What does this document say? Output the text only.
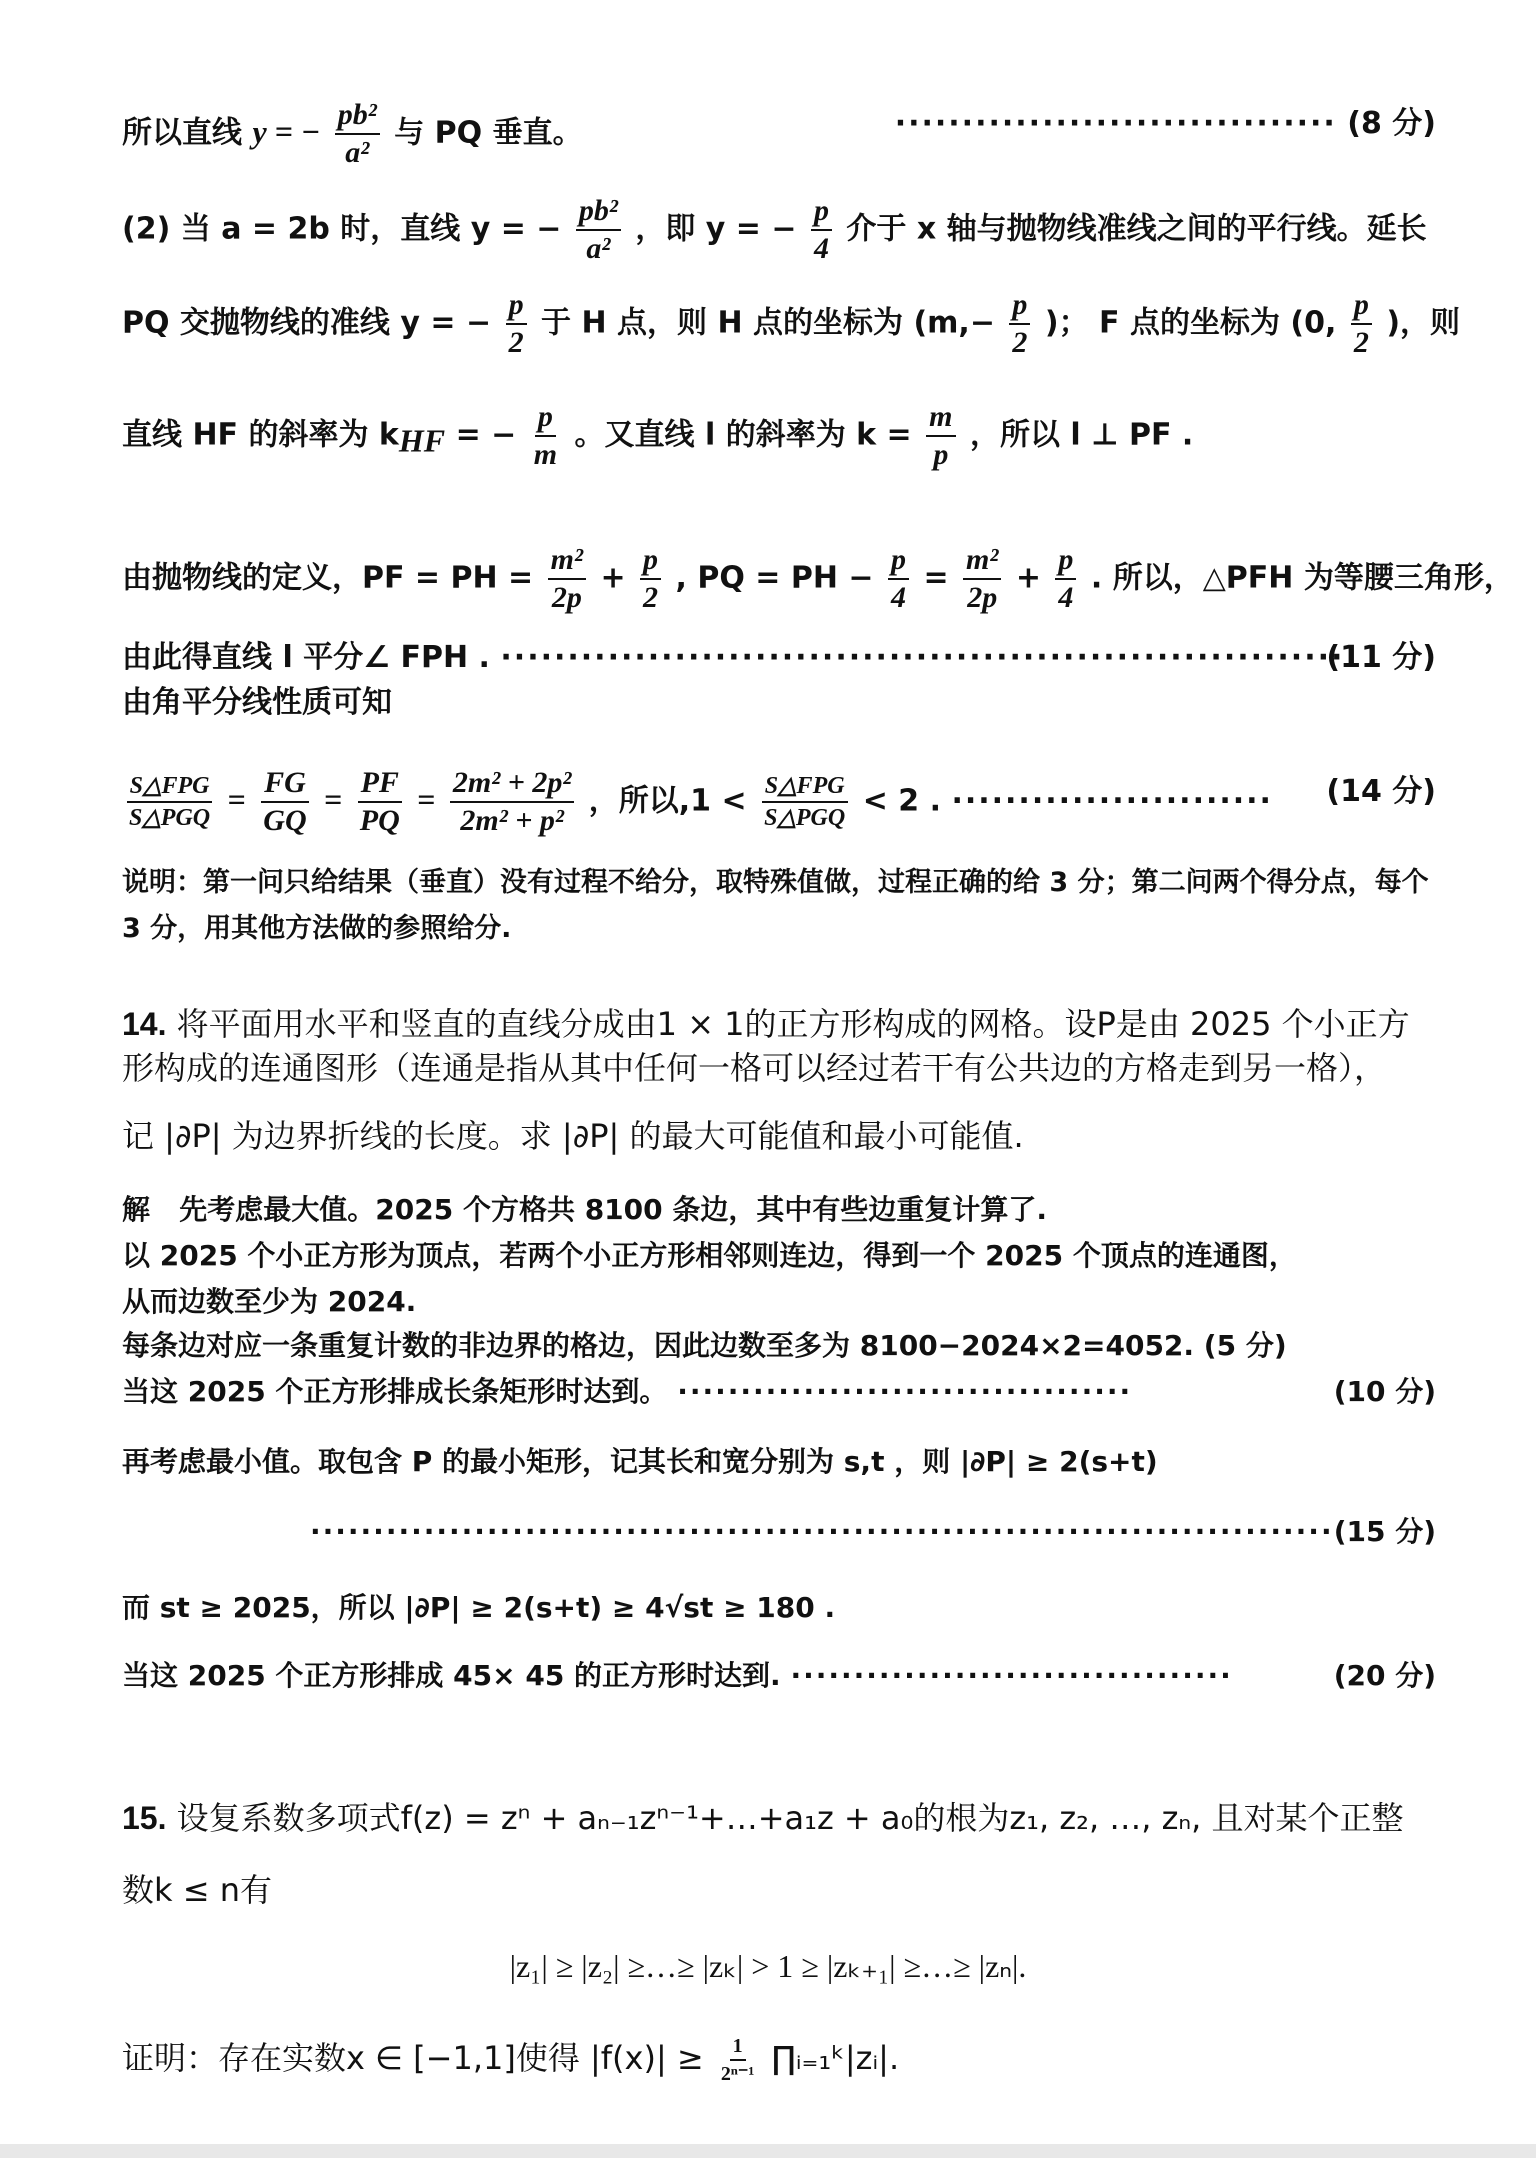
所以直线 y = − $\frac{\text{pb²}}{\text{a²}}$ 与 PQ 垂直。	································· (8 分)
(2) 当 a = 2b 时，直线 y = − $\frac{\text{pb²}}{\text{a²}}$ ，即 y = − $\frac{p}{4}$ 介于 x 轴与抛物线准线之间的平行线。延长
PQ 交抛物线的准线 y = − $\frac{p}{2}$ 于 H 点，则 H 点的坐标为 ($m,- \frac{p}{2}$ )； F 点的坐标为 (0, $\frac{p}{2}$ )，则
直线 HF 的斜率为 $k_{HF}$ = − $\frac{p}{m}$ 。又直线 l 的斜率为 $k = \frac{m}{p}$ ，所以 l ⊥ PF .
由抛物线的定义，PF = PH = $\frac{\text{m²}}{2p} + \frac{p}{2}$ , PQ = PH − $\frac{p}{4} = \frac{\text{m²}}{2p} + \frac{p}{4}$ . 所以，△PFH 为等腰三角形，
由此得直线 l 平分∠ FPH . ·······························································
(11 分)
由角平分线性质可知
$\frac{\text{S△FPG}}{\text{S△PGQ}} = \frac{FG}{GQ} = \frac{PF}{PQ} = \frac{\text{2m² + 2p²}}{\text{2m² + p²}}$ ，所以$,1 < \frac{\text{S△FPG}}{\text{S△PGQ}} < 2$ . ························	(14 分)
说明：第一问只给结果（垂直）没有过程不给分，取特殊值做，过程正确的给 3 分；第二问两个得分点，每个 3 分，用其他方法做的参照给分.
14. 将平面用水平和竖直的直线分成由1 × 1的正方形构成的网格。设P是由 2025 个小正方
形构成的连通图形（连通是指从其中任何一格可以经过若干有公共边的方格走到另一格），
记 |∂P| 为边界折线的长度。求 |∂P| 的最大可能值和最小可能值.
解 先考虑最大值。2025 个方格共 8100 条边，其中有些边重复计算了.
以 2025 个小正方形为顶点，若两个小正方形相邻则连边，得到一个 2025 个顶点的连通图，
从而边数至少为 2024.
每条边对应一条重复计数的非边界的格边，因此边数至多为 8100−2024×2=4052. (5 分)
当这 2025 个正方形排成长条矩形时达到。 ····································	(10 分)
再考虑最小值。取包含 P 的最小矩形，记其长和宽分别为 s,t ，则 |∂P| ≥ 2(s+t)
················································································· (15 分)
而 st ≥ 2025，所以 |∂P| ≥ 2(s+t) ≥ 4√st ≥ 180 .
当这 2025 个正方形排成 45× 45 的正方形时达到. ···································	(20 分)
15. 设复系数多项式f(z) = zⁿ + aₙ₋₁zⁿ⁻¹+…+a₁z + a₀的根为z₁, z₂, …, zₙ, 且对某个正整
数k ≤ n有
|z₁| ≥ |z₂| ≥…≥ |zₖ| > 1 ≥ |zₖ₊₁| ≥…≥ |zₙ|.
证明：存在实数x ∈ [−1,1]使得 $|f(x)| \ge \frac{1}{\text{2ⁿ⁻¹}}$ ∏ᵢ₌₁ᵏ|zᵢ|.
